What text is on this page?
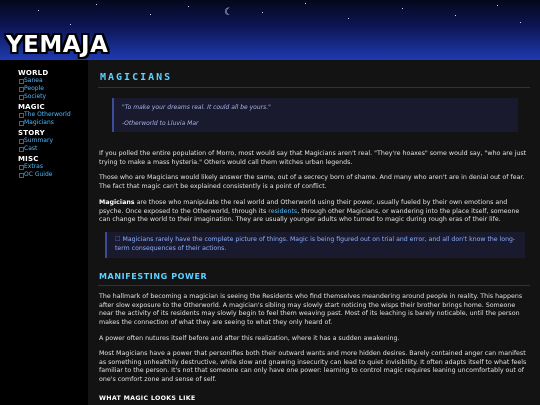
☾
YEMAJA
WORLD
Sanea
People
Society
MAGIC
The Otherworld
Magicians
STORY
Summary
Cast
MISC
Extras
OC Guide
MAGICIANS
"To make your dreams real. It could all be yours."
-Otherworld to Lluvia Mar
If you polled the entire population of Morro, most would say that Magicians aren't real. "They're hoaxes" some would say, "who are just trying to make a mass hysteria." Others would call them witches urban legends.
Those who are Magicians would likely answer the same, out of a secrecy born of shame. And many who aren't are in denial out of fear. The fact that magic can't be explained consistently is a point of conflict.
Magicians are those who manipulate the real world and Otherworld using their power, usually fueled by their own emotions and psyche. Once exposed to the Otherworld, through its residents, through other Magicians, or wandering into the place itself, someone can change the world to their imagination. They are usually younger adults who turned to magic during rough eras of their life.
☐ Magicians rarely have the complete picture of things. Magic is being figured out on trial and error, and all don't know the long-term consequences of their actions.
MANIFESTING POWER
The hallmark of becoming a magician is seeing the Residents who find themselves meandering around people in reality. This happens after slow exposure to the Otherworld. A magician's sibling may slowly start noticing the wisps their brother brings home. Someone near the activity of its residents may slowly begin to feel them weaving past. Most of its leaching is barely noticable, until the person makes the connection of what they are seeing to what they only heard of.
A power often nutures itself before and after this realization, where it has a sudden awakening.
Most Magicians have a power that personifies both their outward wants and more hidden desires. Barely contained anger can manifest as something unhealthily destructive, while slow and gnawing insecurity can lead to quiet invisibility. It often adapts itself to what feels familiar to the person. It's not that someone can only have one power: learning to control magic requires leaning uncomfortably out of one's comfort zone and sense of self.
WHAT MAGIC LOOKS LIKE
